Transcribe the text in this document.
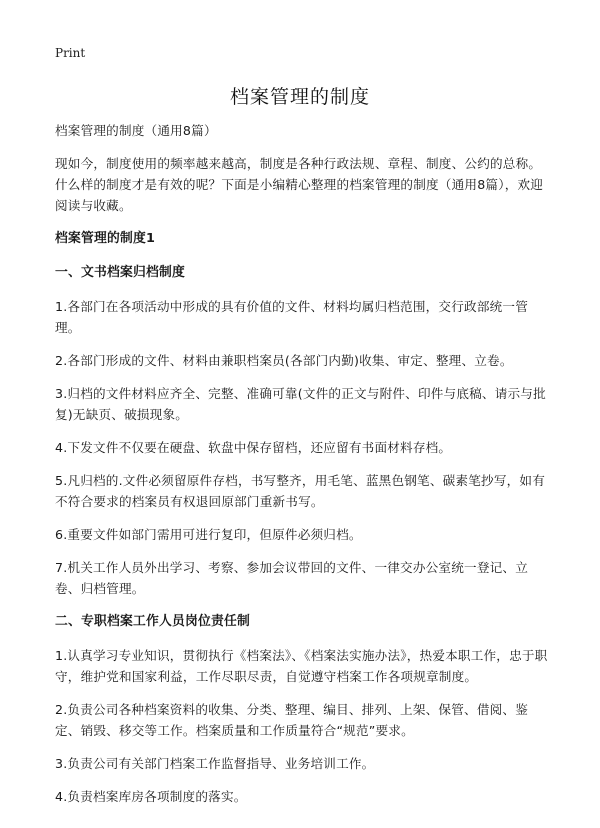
Print
档案管理的制度

档案管理的制度（通用8篇）

现如今，制度使用的频率越来越高，制度是各种行政法规、章程、制度、公约的总称。什么样的制度才是有效的呢？下面是小编精心整理的档案管理的制度（通用8篇），欢迎阅读与收藏。

档案管理的制度1

一、文书档案归档制度

1.各部门在各项活动中形成的具有价值的文件、材料均属归档范围，交行政部统一管理。

2.各部门形成的文件、材料由兼职档案员(各部门内勤)收集、审定、整理、立卷。

3.归档的文件材料应齐全、完整、准确可靠(文件的正文与附件、印件与底稿、请示与批复)无缺页、破损现象。

4.下发文件不仅要在硬盘、软盘中保存留档，还应留有书面材料存档。

5.凡归档的.文件必须留原件存档，书写整齐，用毛笔、蓝黑色钢笔、碳素笔抄写，如有不符合要求的档案员有权退回原部门重新书写。

6.重要文件如部门需用可进行复印，但原件必须归档。

7.机关工作人员外出学习、考察、参加会议带回的文件、一律交办公室统一登记、立卷、归档管理。

二、专职档案工作人员岗位责任制

1.认真学习专业知识，贯彻执行《档案法》、《档案法实施办法》，热爱本职工作，忠于职守，维护党和国家利益，工作尽职尽责，自觉遵守档案工作各项规章制度。

2.负责公司各种档案资料的收集、分类、整理、编目、排列、上架、保管、借阅、鉴定、销毁、移交等工作。档案质量和工作质量符合“规范”要求。

3.负责公司有关部门档案工作监督指导、业务培训工作。

4.负责档案库房各项制度的落实。
